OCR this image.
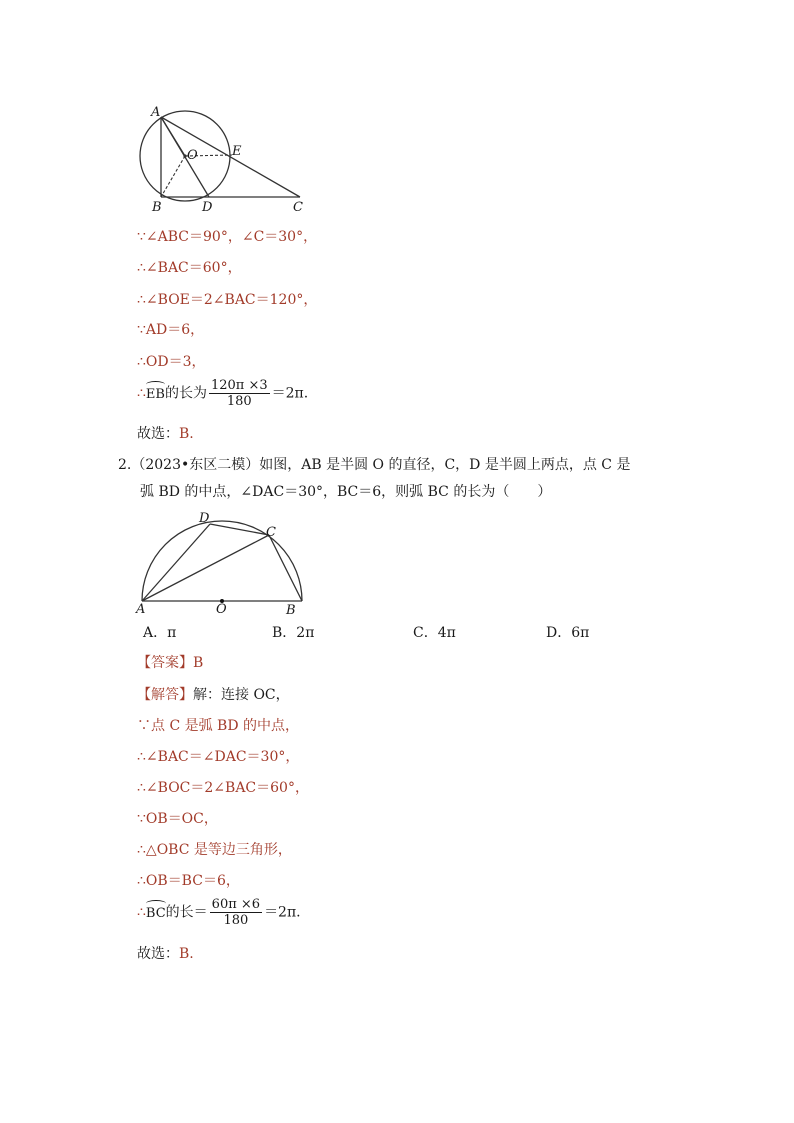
A
O	E
B	D	C
∵∠ABC＝90°，∠C＝30°，
∴∠BAC＝60°，
∴∠BOE＝2∠BAC＝120°，
∵AD＝6，
∴OD＝3，
∴EB的长为 $\frac{120\pi \times 3}{180} =2\pi$.
故选：B.
2.（2023•东区二模）如图，AB 是半圆 O 的直径，C，D 是半圆上两点，点 C 是
弧 BD 的中点，∠DAC＝30°，BC＝6，则弧 BC 的长为（　　）
D
C
A	O	B
A．π	B．2π	C．4π	D．6π
【答案】B
【解答】解：连接 OC，
∵点 C 是弧 BD 的中点，
∴∠BAC＝∠DAC＝30°，
∴∠BOC＝2∠BAC＝60°，
∵OB＝OC，
∴△OBC 是等边三角形，
∴OB＝BC＝6，
∴BC的长＝ $\frac{60\pi \times 6}{180} =2\pi$.
故选：B.
